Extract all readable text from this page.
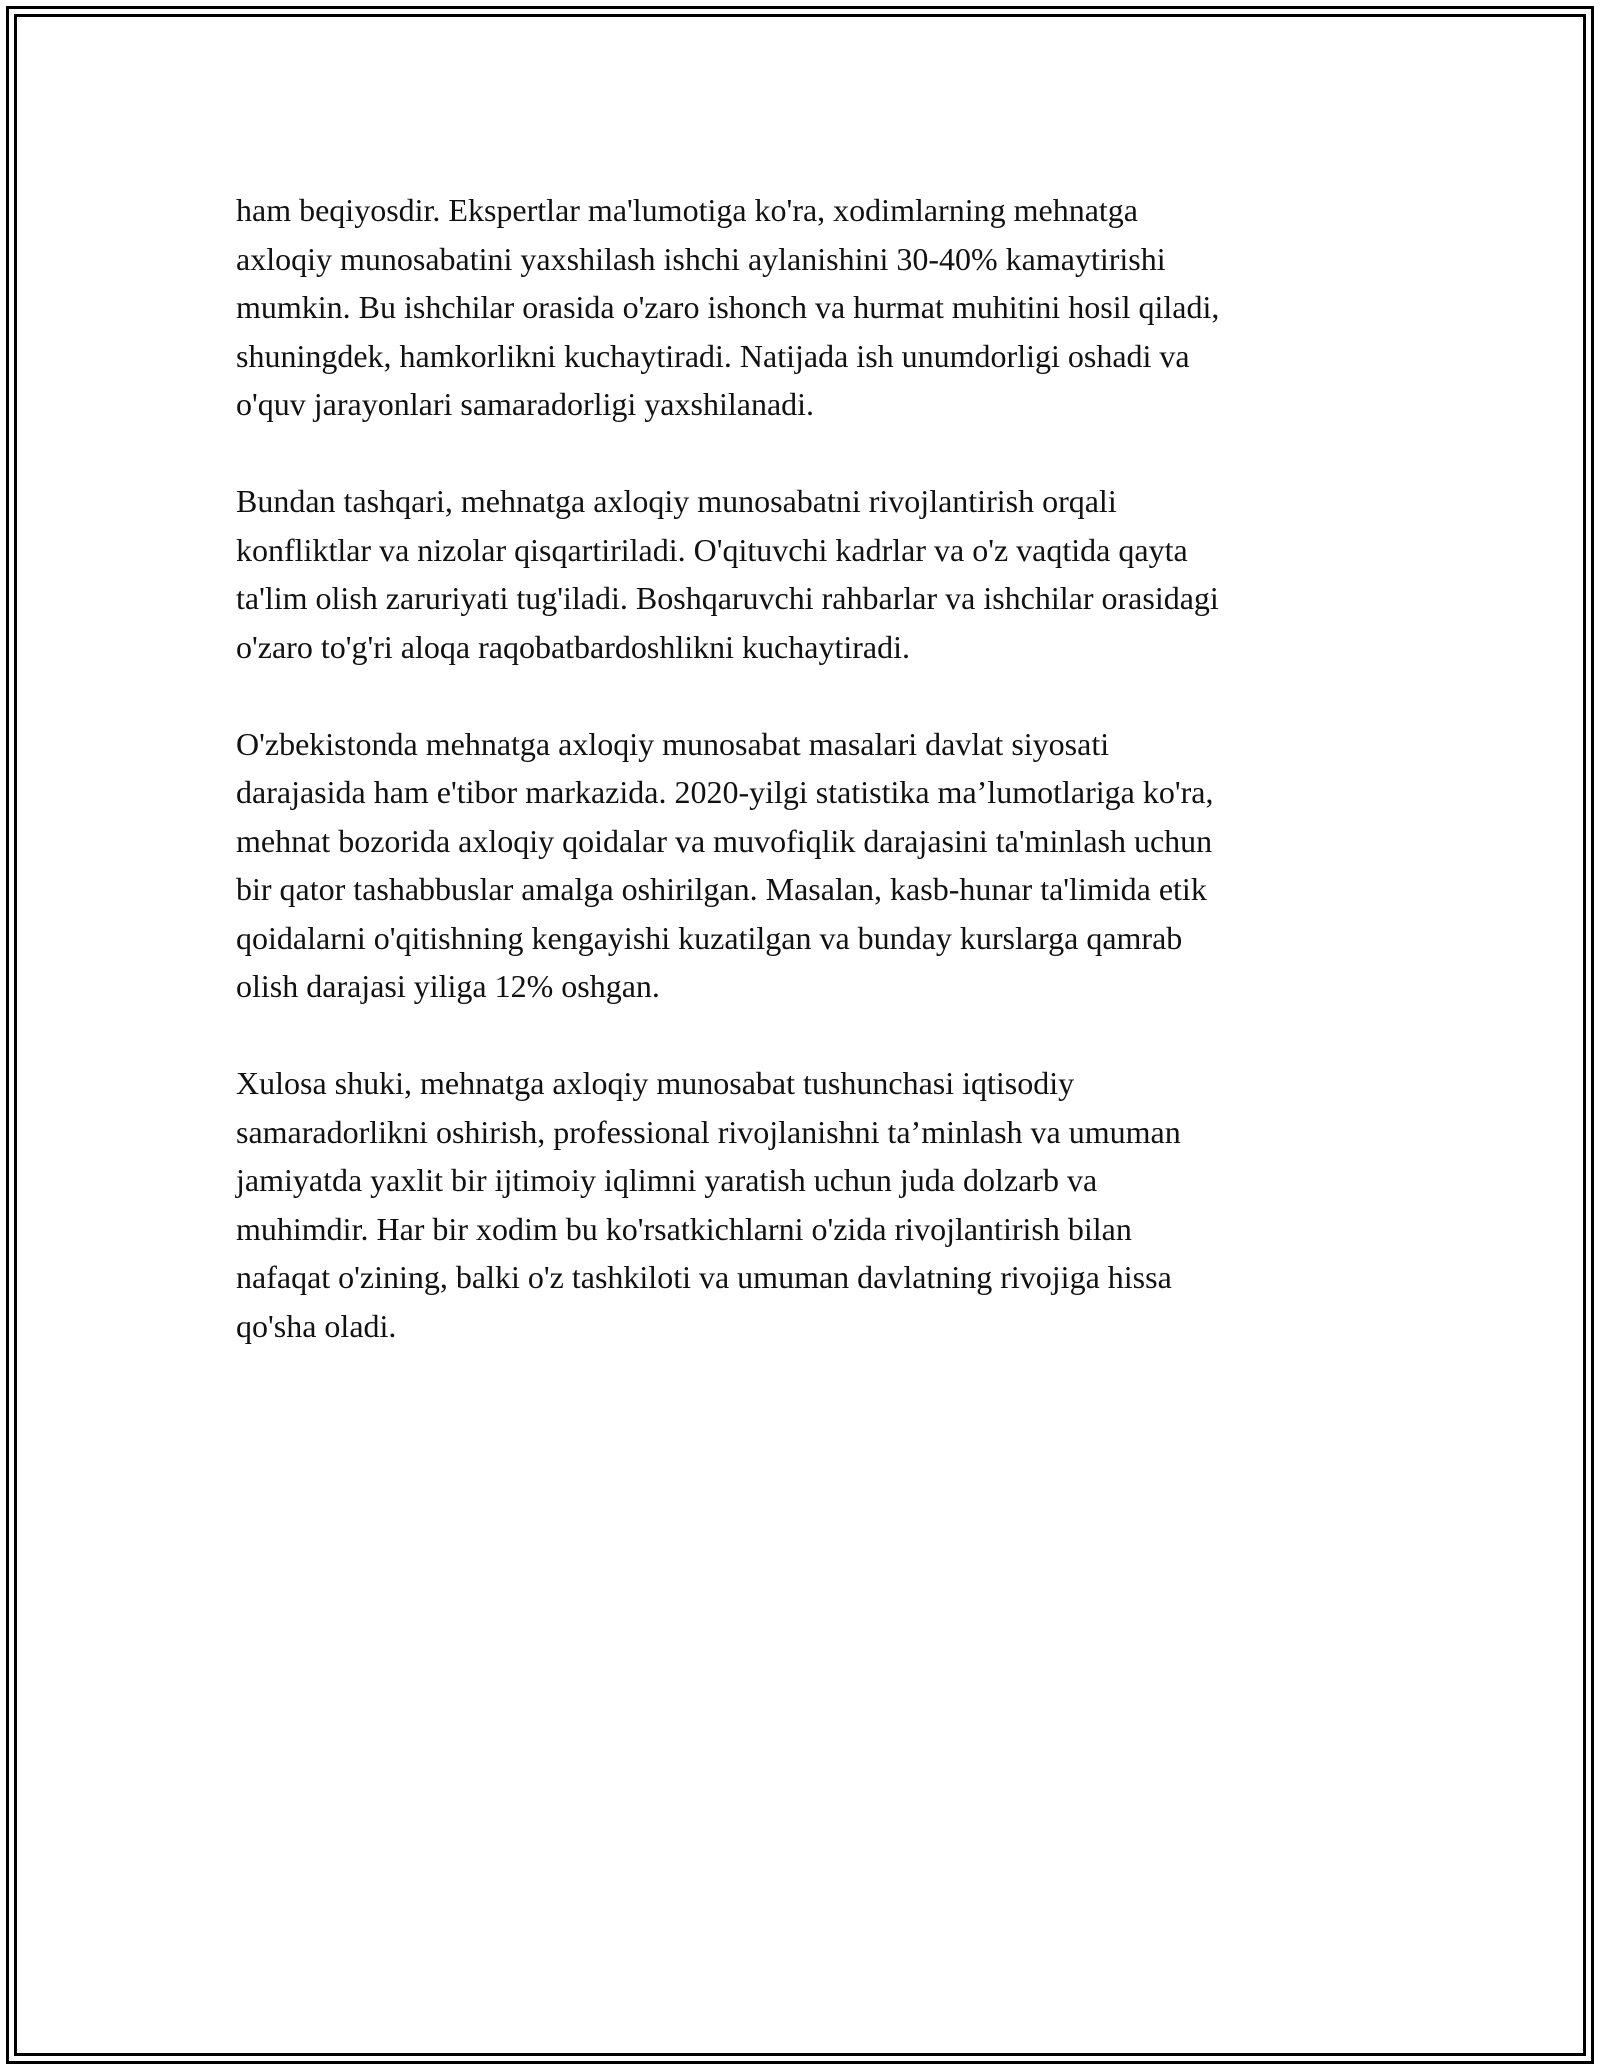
ham beqiyosdir. Ekspertlar ma'lumotiga ko'ra, xodimlarning mehnatga
axloqiy munosabatini yaxshilash ishchi aylanishini 30-40% kamaytirishi
mumkin. Bu ishchilar orasida o'zaro ishonch va hurmat muhitini hosil qiladi,
shuningdek, hamkorlikni kuchaytiradi. Natijada ish unumdorligi oshadi va
o'quv jarayonlari samaradorligi yaxshilanadi.

Bundan tashqari, mehnatga axloqiy munosabatni rivojlantirish orqali
konfliktlar va nizolar qisqartiriladi. O'qituvchi kadrlar va o'z vaqtida qayta
ta'lim olish zaruriyati tug'iladi. Boshqaruvchi rahbarlar va ishchilar orasidagi
o'zaro to'g'ri aloqa raqobatbardoshlikni kuchaytiradi.

O'zbekistonda mehnatga axloqiy munosabat masalari davlat siyosati
darajasida ham e'tibor markazida. 2020-yilgi statistika ma’lumotlariga ko'ra,
mehnat bozorida axloqiy qoidalar va muvofiqlik darajasini ta'minlash uchun
bir qator tashabbuslar amalga oshirilgan. Masalan, kasb-hunar ta'limida etik
qoidalarni o'qitishning kengayishi kuzatilgan va bunday kurslarga qamrab
olish darajasi yiliga 12% oshgan.

Xulosa shuki, mehnatga axloqiy munosabat tushunchasi iqtisodiy
samaradorlikni oshirish, professional rivojlanishni ta’minlash va umuman
jamiyatda yaxlit bir ijtimoiy iqlimni yaratish uchun juda dolzarb va
muhimdir. Har bir xodim bu ko'rsatkichlarni o'zida rivojlantirish bilan
nafaqat o'zining, balki o'z tashkiloti va umuman davlatning rivojiga hissa
qo'sha oladi.
